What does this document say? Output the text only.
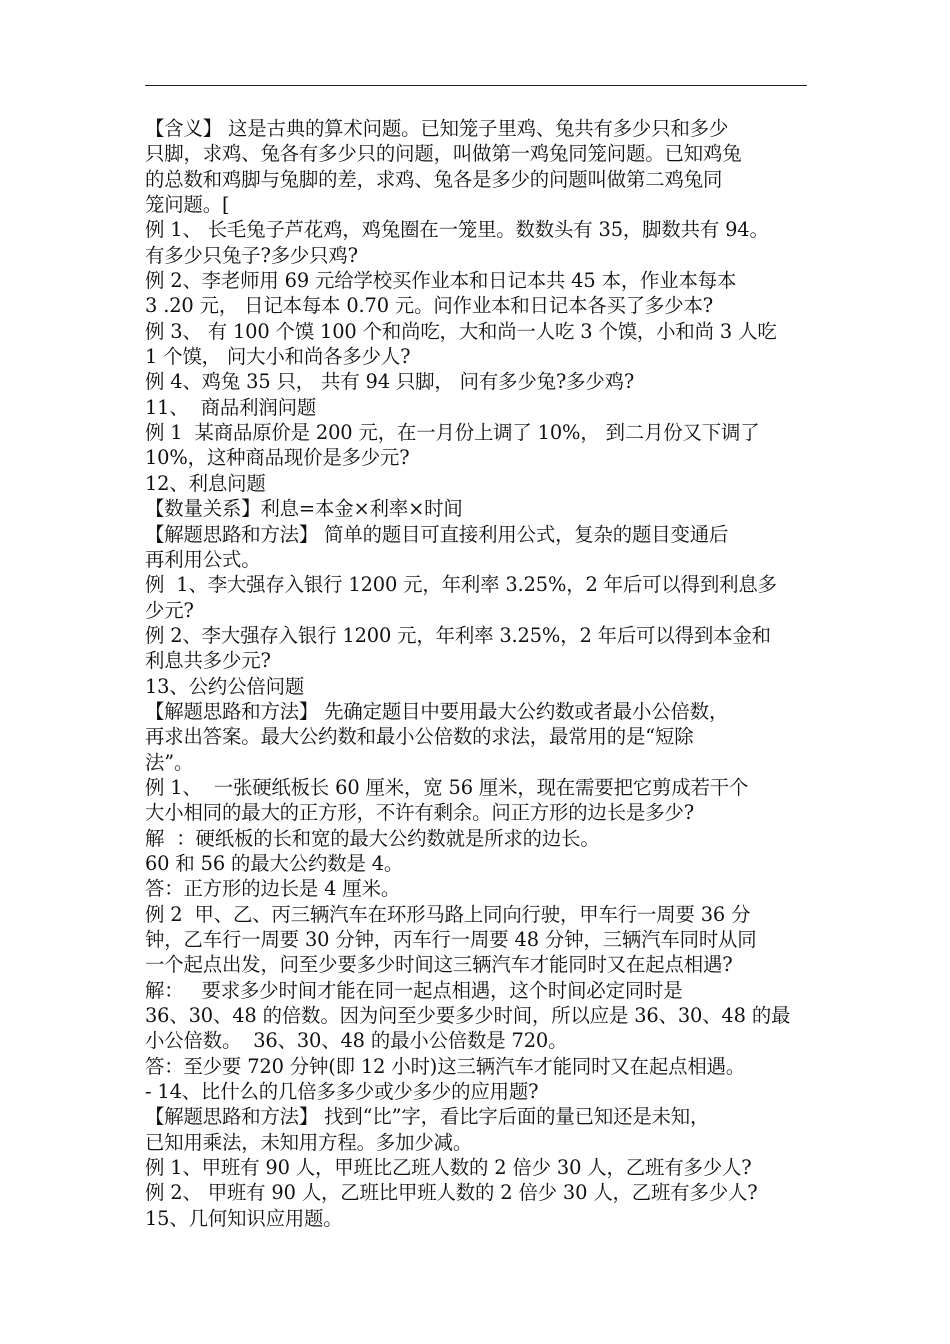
【含义】 这是古典的算术问题。已知笼子里鸡、兔共有多少只和多少
只脚，求鸡、兔各有多少只的问题，叫做第一鸡兔同笼问题。已知鸡兔
的总数和鸡脚与兔脚的差，求鸡、兔各是多少的问题叫做第二鸡兔同
笼问题。[
例 1、 长毛兔子芦花鸡，鸡兔圈在一笼里。数数头有 35，脚数共有 94。
有多少只兔子?多少只鸡?
例 2、李老师用 69 元给学校买作业本和日记本共 45 本，作业本每本
3 .20 元， 日记本每本 0.70 元。问作业本和日记本各买了多少本?
例 3、 有 100 个馍 100 个和尚吃，大和尚一人吃 3 个馍，小和尚 3 人吃
1 个馍， 问大小和尚各多少人?
例 4、鸡兔 35 只， 共有 94 只脚， 问有多少兔?多少鸡?
11、  商品利润问题
例 1  某商品原价是 200 元，在一月份上调了 10%， 到二月份又下调了
10%，这种商品现价是多少元?
12、利息问题
【数量关系】利息=本金×利率×时间
【解题思路和方法】 简单的题目可直接利用公式，复杂的题目变通后
再利用公式。
例  1、李大强存入银行 1200 元，年利率 3.25%，2 年后可以得到利息多
少元?
例 2、李大强存入银行 1200 元，年利率 3.25%，2 年后可以得到本金和
利息共多少元?
13、公约公倍问题
【解题思路和方法】 先确定题目中要用最大公约数或者最小公倍数，
再求出答案。最大公约数和最小公倍数的求法，最常用的是“短除
法”。
例 1、  一张硬纸板长 60 厘米，宽 56 厘米，现在需要把它剪成若干个
大小相同的最大的正方形，不许有剩余。问正方形的边长是多少?
解  ：硬纸板的长和宽的最大公约数就是所求的边长。
60 和 56 的最大公约数是 4。
答：正方形的边长是 4 厘米。
例 2  甲、乙、丙三辆汽车在环形马路上同向行驶，甲车行一周要 36 分
钟，乙车行一周要 30 分钟，丙车行一周要 48 分钟，三辆汽车同时从同
一个起点出发，问至少要多少时间这三辆汽车才能同时又在起点相遇?
解：   要求多少时间才能在同一起点相遇，这个时间必定同时是
36、30、48 的倍数。因为问至少要多少时间，所以应是 36、30、48 的最
小公倍数。  36、30、48 的最小公倍数是 720。
答：至少要 720 分钟(即 12 小时)这三辆汽车才能同时又在起点相遇。
- 14、比什么的几倍多多少或少多少的应用题?
【解题思路和方法】 找到“比”字，看比字后面的量已知还是未知，
已知用乘法，未知用方程。多加少减。
例 1、甲班有 90 人，甲班比乙班人数的 2 倍少 30 人，乙班有多少人?
例 2、 甲班有 90 人，乙班比甲班人数的 2 倍少 30 人，乙班有多少人?
15、几何知识应用题。
